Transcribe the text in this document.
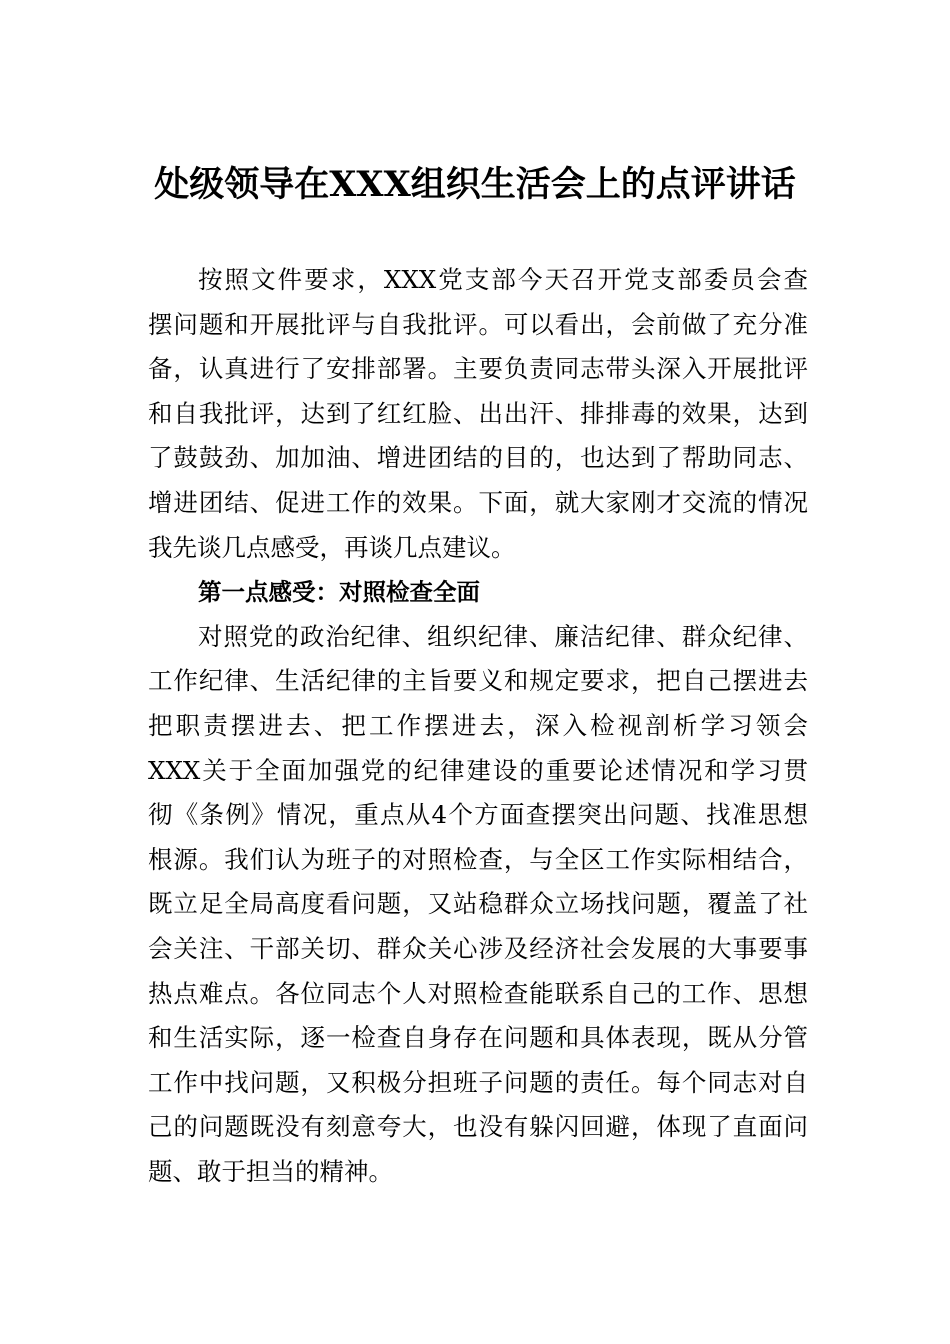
处级领导在XXX组织生活会上的点评讲话
按照文件要求，XXX党支部今天召开党支部委员会查
摆问题和开展批评与自我批评。可以看出，会前做了充分准
备，认真进行了安排部署。主要负责同志带头深入开展批评
和自我批评，达到了红红脸、出出汗、排排毒的效果，达到
了鼓鼓劲、加加油、增进团结的目的，也达到了帮助同志、
增进团结、促进工作的效果。下面，就大家刚才交流的情况
我先谈几点感受，再谈几点建议。
第一点感受：对照检查全面
对照党的政治纪律、组织纪律、廉洁纪律、群众纪律、
工作纪律、生活纪律的主旨要义和规定要求，把自己摆进去
把职责摆进去、把工作摆进去，深入检视剖析学习领会
XXX关于全面加强党的纪律建设的重要论述情况和学习贯
彻《条例》情况，重点从4个方面查摆突出问题、找准思想
根源。我们认为班子的对照检查，与全区工作实际相结合，
既立足全局高度看问题，又站稳群众立场找问题，覆盖了社
会关注、干部关切、群众关心涉及经济社会发展的大事要事
热点难点。各位同志个人对照检查能联系自己的工作、思想
和生活实际，逐一检查自身存在问题和具体表现，既从分管
工作中找问题，又积极分担班子问题的责任。每个同志对自
己的问题既没有刻意夸大，也没有躲闪回避，体现了直面问
题、敢于担当的精神。
